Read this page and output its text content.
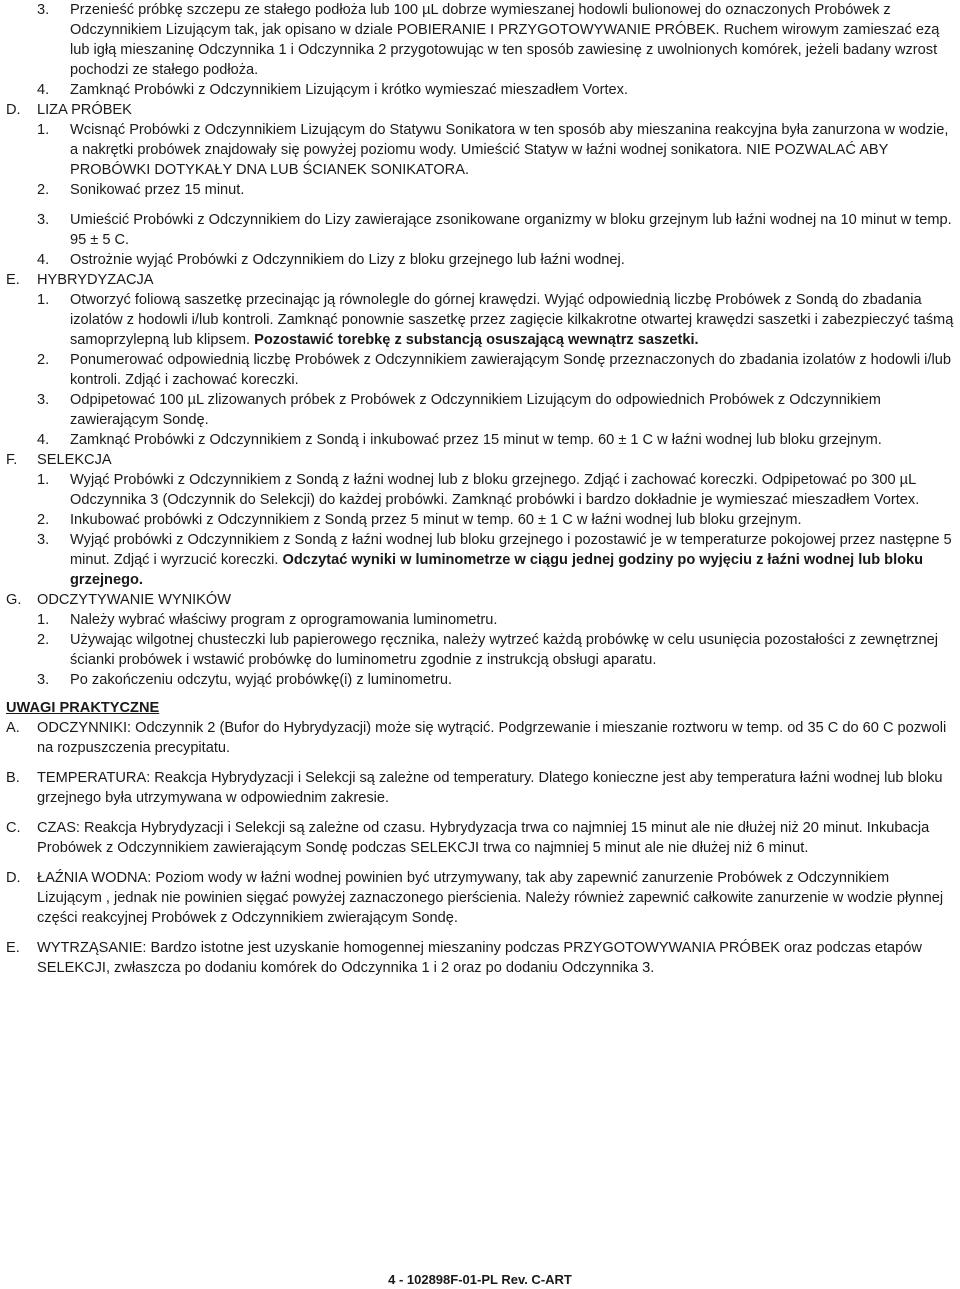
3. Przenieść próbkę szczepu ze stałego podłoża lub 100 µL dobrze wymieszanej hodowli bulionowej do oznaczonych Probówek z Odczynnikiem Lizującym tak, jak opisano w dziale POBIERANIE I PRZYGOTOWYWANIE PRÓBEK. Ruchem wirowym zamieszać ezą lub igłą mieszaninę Odczynnika 1 i Odczynnika 2 przygotowując w ten sposób zawiesinę z uwolnionych komórek, jeżeli badany wzrost pochodzi ze stałego podłoża.
4. Zamknąć Probówki z Odczynnikiem Lizującym i krótko wymieszać mieszadłem Vortex.
D. LIZA PRÓBEK
1. Wcisnąć Probówki z Odczynnikiem Lizującym do Statywu Sonikatora w ten sposób aby mieszanina reakcyjna była zanurzona w wodzie, a nakrętki probówek znajdowały się powyżej poziomu wody. Umieścić Statyw w łaźni wodnej sonikatora. NIE POZWALAĆ ABY PROBÓWKI DOTYKAŁY DNA LUB ŚCIANEK SONIKATORA.
2. Sonikować przez 15 minut.
3. Umieścić Probówki z Odczynnikiem do Lizy zawierające zsonikowane organizmy w bloku grzejnym lub łaźni wodnej na 10 minut w temp. 95 ± 5 C.
4. Ostrożnie wyjąć Probówki z Odczynnikiem do Lizy z bloku grzejnego lub łaźni wodnej.
E. HYBRYDYZACJA
1. Otworzyć foliową saszetkę przecinając ją równolegle do górnej krawędzi. Wyjąć odpowiednią liczbę Probówek z Sondą do zbadania izolatów z hodowli i/lub kontroli. Zamknąć ponownie saszetkę przez zagięcie kilkakrotne otwartej krawędzi saszetki i zabezpieczyć taśmą samoprzylepną lub klipsem. Pozostawić torebkę z substancją osuszającą wewnątrz saszetki.
2. Ponumerować odpowiednią liczbę Probówek z Odczynnikiem zawierającym Sondę przeznaczonych do zbadania izolatów z hodowli i/lub kontroli. Zdjąć i zachować koreczki.
3. Odpipetować 100 µL zlizowanych próbek z Probówek z Odczynnikiem Lizującym do odpowiednich Probówek z Odczynnikiem zawierającym Sondę.
4. Zamknąć Probówki z Odczynnikiem z Sondą i inkubować przez 15 minut w temp. 60 ± 1 C w łaźni wodnej lub bloku grzejnym.
F. SELEKCJA
1. Wyjąć Probówki z Odczynnikiem z Sondą z łaźni wodnej lub z bloku grzejnego. Zdjąć i zachować koreczki. Odpipetować po 300 µL Odczynnika 3 (Odczynnik do Selekcji) do każdej probówki. Zamknąć probówki i bardzo dokładnie je wymieszać mieszadłem Vortex.
2. Inkubować probówki z Odczynnikiem z Sondą przez 5 minut w temp. 60 ± 1 C w łaźni wodnej lub bloku grzejnym.
3. Wyjąć probówki z Odczynnikiem z Sondą z łaźni wodnej lub bloku grzejnego i pozostawić je w temperaturze pokojowej przez następne 5 minut. Zdjąć i wyrzucić koreczki. Odczytać wyniki w luminometrze w ciągu jednej godziny po wyjęciu z łaźni wodnej lub bloku grzejnego.
G. ODCZYTYWANIE WYNIKÓW
1. Należy wybrać właściwy program z oprogramowania luminometru.
2. Używając wilgotnej chusteczki lub papierowego ręcznika, należy wytrzeć każdą probówkę w celu usunięcia pozostałości z zewnętrznej ścianki probówek i wstawić probówkę do luminometru zgodnie z instrukcją obsługi aparatu.
3. Po zakończeniu odczytu, wyjąć probówkę(i) z luminometru.
UWAGI PRAKTYCZNE
A. ODCZYNNIKI: Odczynnik 2 (Bufor do Hybrydyzacji) może się wytrącić. Podgrzewanie i mieszanie roztworu w temp. od 35 C do 60 C pozwoli na rozpuszczenia precypitatu.
B. TEMPERATURA: Reakcja Hybrydyzacji i Selekcji są zależne od temperatury. Dlatego konieczne jest aby temperatura łaźni wodnej lub bloku grzejnego była utrzymywana w odpowiednim zakresie.
C. CZAS: Reakcja Hybrydyzacji i Selekcji są zależne od czasu. Hybrydyzacja trwa co najmniej 15 minut ale nie dłużej niż 20 minut. Inkubacja Probówek z Odczynnikiem zawierającym Sondę podczas SELEKCJI trwa co najmniej 5 minut ale nie dłużej niż 6 minut.
D. ŁAŹNIA WODNA: Poziom wody w łaźni wodnej powinien być utrzymywany, tak aby zapewnić zanurzenie Probówek z Odczynnikiem Lizującym , jednak nie powinien sięgać powyżej zaznaczonego pierścienia. Należy również zapewnić całkowite zanurzenie w wodzie płynnej części reakcyjnej Probówek z Odczynnikiem zwierającym Sondę.
E. WYTRZĄSANIE: Bardzo istotne jest uzyskanie homogennej mieszaniny podczas PRZYGOTOWYWANIA PRÓBEK oraz podczas etapów SELEKCJI, zwłaszcza po dodaniu komórek do Odczynnika 1 i 2 oraz po dodaniu Odczynnika 3.
4 - 102898F-01-PL Rev. C-ART
